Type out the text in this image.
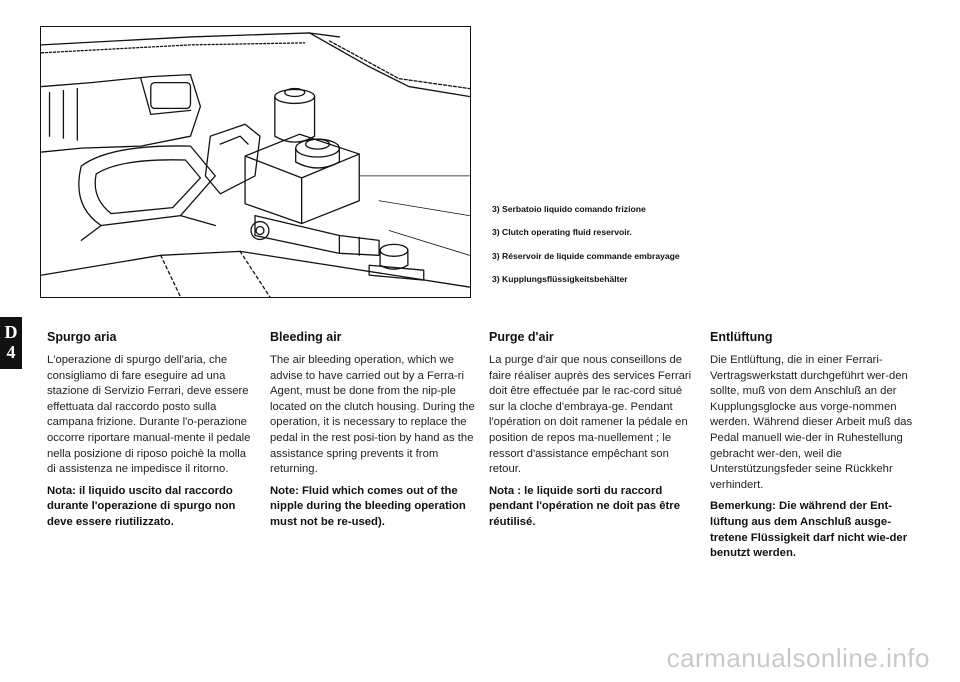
3) Serbatoio liquido comando frizione

3) Clutch operating fluid reservoir.

3) Réservoir de liquide commande embrayage

3) Kupplungsflüssigkeitsbehälter

D
4
Spurgo aria

L'operazione di spurgo dell'aria, che consigliamo di fare eseguire ad una stazione di Servizio Ferrari, deve essere effettuata dal raccordo posto sulla campana frizione. Durante l'o-perazione occorre riportare manual-mente il pedale nella posizione di riposo poichè la molla di assistenza ne impedisce il ritorno.

Nota: il liquido uscito dal raccordo durante l'operazione di spurgo non deve essere riutilizzato.

Bleeding air

The air bleeding operation, which we advise to have carried out by a Ferra-ri Agent, must be done from the nip-ple located on the clutch housing. During the operation, it is necessary to replace the pedal in the rest posi-tion by hand as the assistance spring prevents it from returning.

Note: Fluid which comes out of the nipple during the bleeding operation must not be re-used).

Purge d'air

La purge d'air que nous conseillons de faire réaliser auprès des services Ferrari doit être effectuée par le rac-cord situé sur la cloche d'embraya-ge. Pendant l'opération on doit ramener la pédale en position de repos ma-nuellement ; le ressort d'assistance empêchant son retour.

Nota : le liquide sorti du raccord pendant l'opération ne doit pas être réutilisé.

Entlüftung

Die Entlüftung, die in einer Ferrari-Vertragswerkstatt durchgeführt wer-den sollte, muß von dem Anschluß an der Kupplungsglocke aus vorge-nommen werden. Während dieser Arbeit muß das Pedal manuell wie-der in Ruhestellung gebracht wer-den, weil die Unterstützungsfeder seine Rückkehr verhindert.

Bemerkung: Die während der Ent-lüftung aus dem Anschluß ausge-tretene Flüssigkeit darf nicht wie-der benutzt werden.

carmanualsonline.info
